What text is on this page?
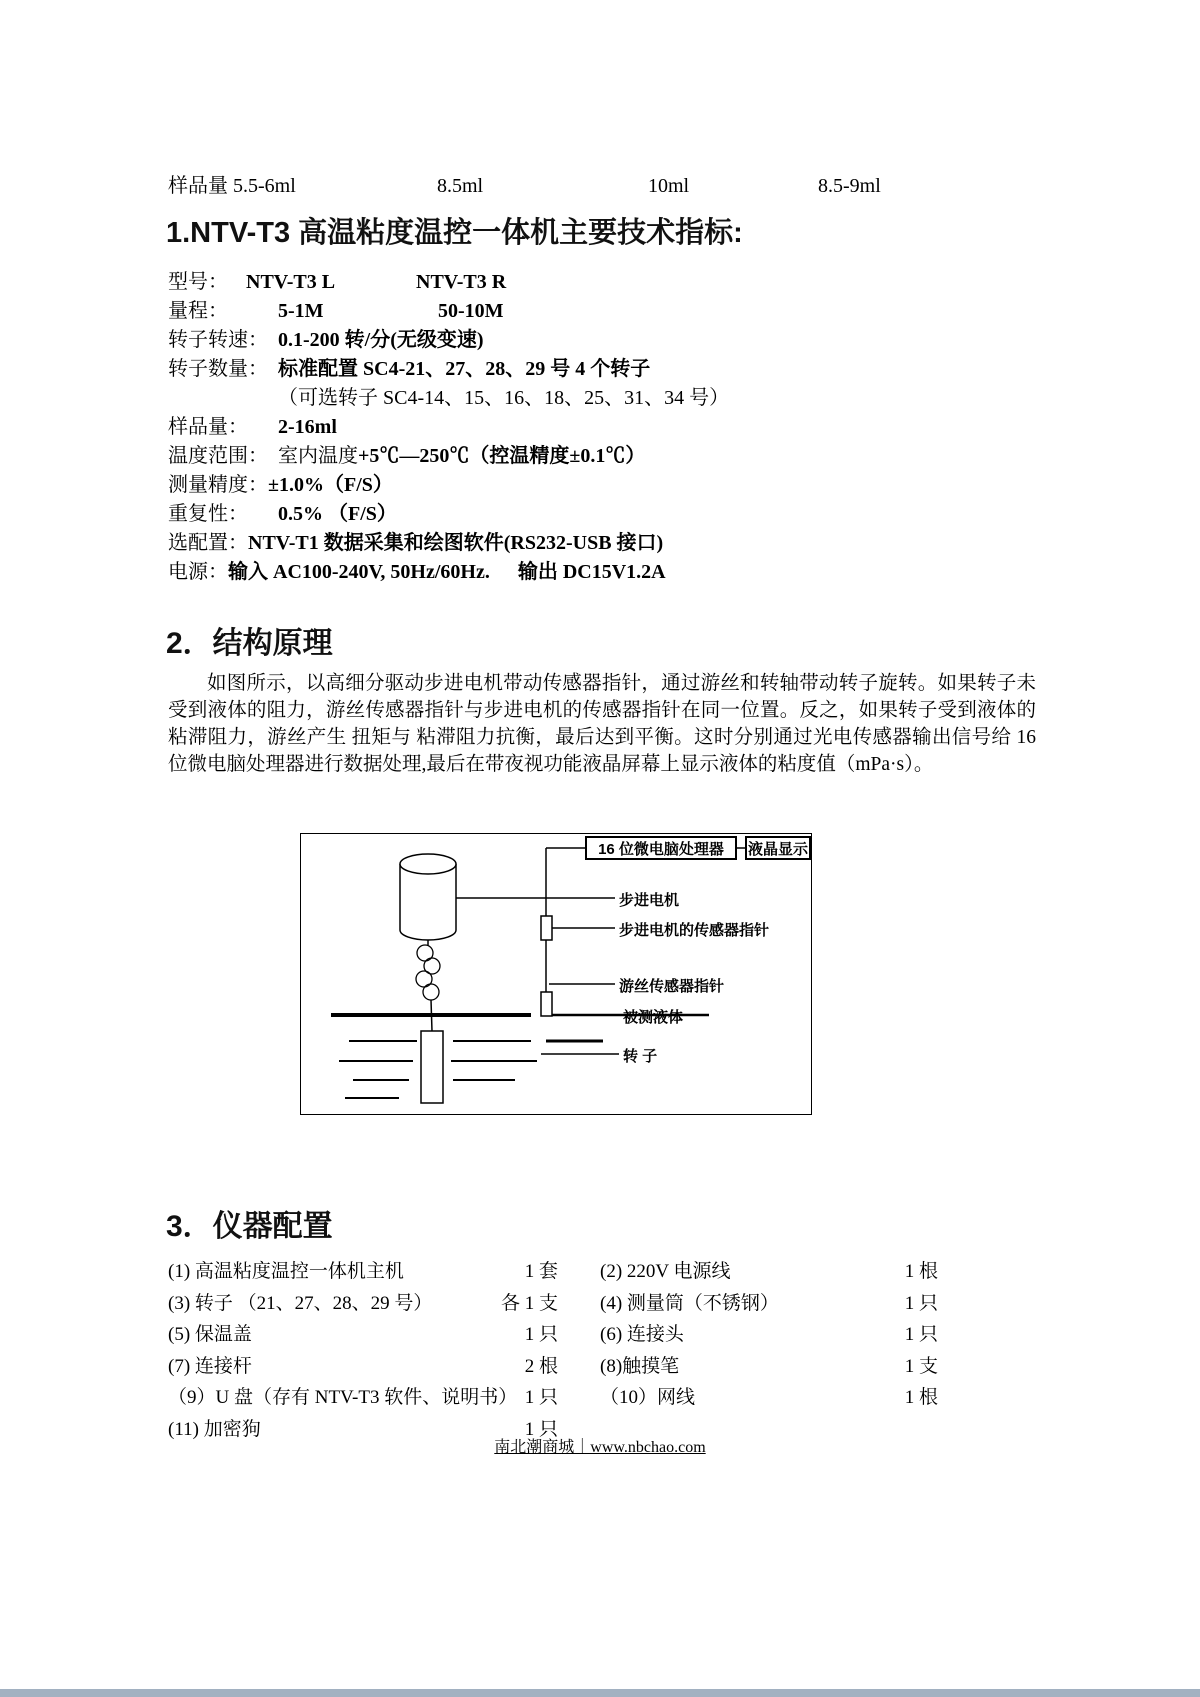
样品量 5.5-6ml	8.5ml	10ml	8.5-9ml
1.NTV-T3 高温粘度温控一体机主要技术指标:
型号： NTV-T3 L	NTV-T3 R
量程：	5-1M	50-10M
转子转速： 0.1-200 转/分(无级变速)
转子数量： 标准配置 SC4-21、27、28、29 号 4 个转子
（可选转子 SC4-14、15、16、18、25、31、34 号）
样品量：	2-16ml
温度范围： 室内温度 +5℃—250℃（控温精度±0.1℃）
测量精度： ±1.0%（F/S）
重复性：	0.5% （F/S）
选配置： NTV-T1 数据采集和绘图软件(RS232-USB 接口)
电源： 输入 AC100-240V, 50Hz/60Hz. 输出 DC15V1.2A
2．结构原理
如图所示，以高细分驱动步进电机带动传感器指针，通过游丝和转轴带动转子旋转。如果转子未受到液体的阻力，游丝传感器指针与步进电机的传感器指针在同一位置。反之，如果转子受到液体的粘滞阻力，游丝产生 扭矩与 粘滞阻力抗衡，最后达到平衡。这时分别通过光电传感器输出信号给 16 位微电脑处理器进行数据处理,最后在带夜视功能液晶屏幕上显示液体的粘度值（mPa·s）。
16 位微电脑处理器	液晶显示
步进电机
步进电机的传感器指针
游丝传感器指针
被测液体
转 子
3．仪器配置
(1) 高温粘度温控一体机主机	1 套 (2) 220V 电源线	1 根
(3) 转子 （21、27、28、29 号）	各 1 支 (4) 测量筒（不锈钢）	1 只
(5) 保温盖	1 只 (6) 连接头	1 只
(7) 连接杆	2 根 (8)触摸笔	1 支
（9）U 盘（存有 NTV-T3 软件、说明书） 1 只 （10）网线	1 根
(11) 加密狗	1 只
南北潮商城｜www.nbchao.com
